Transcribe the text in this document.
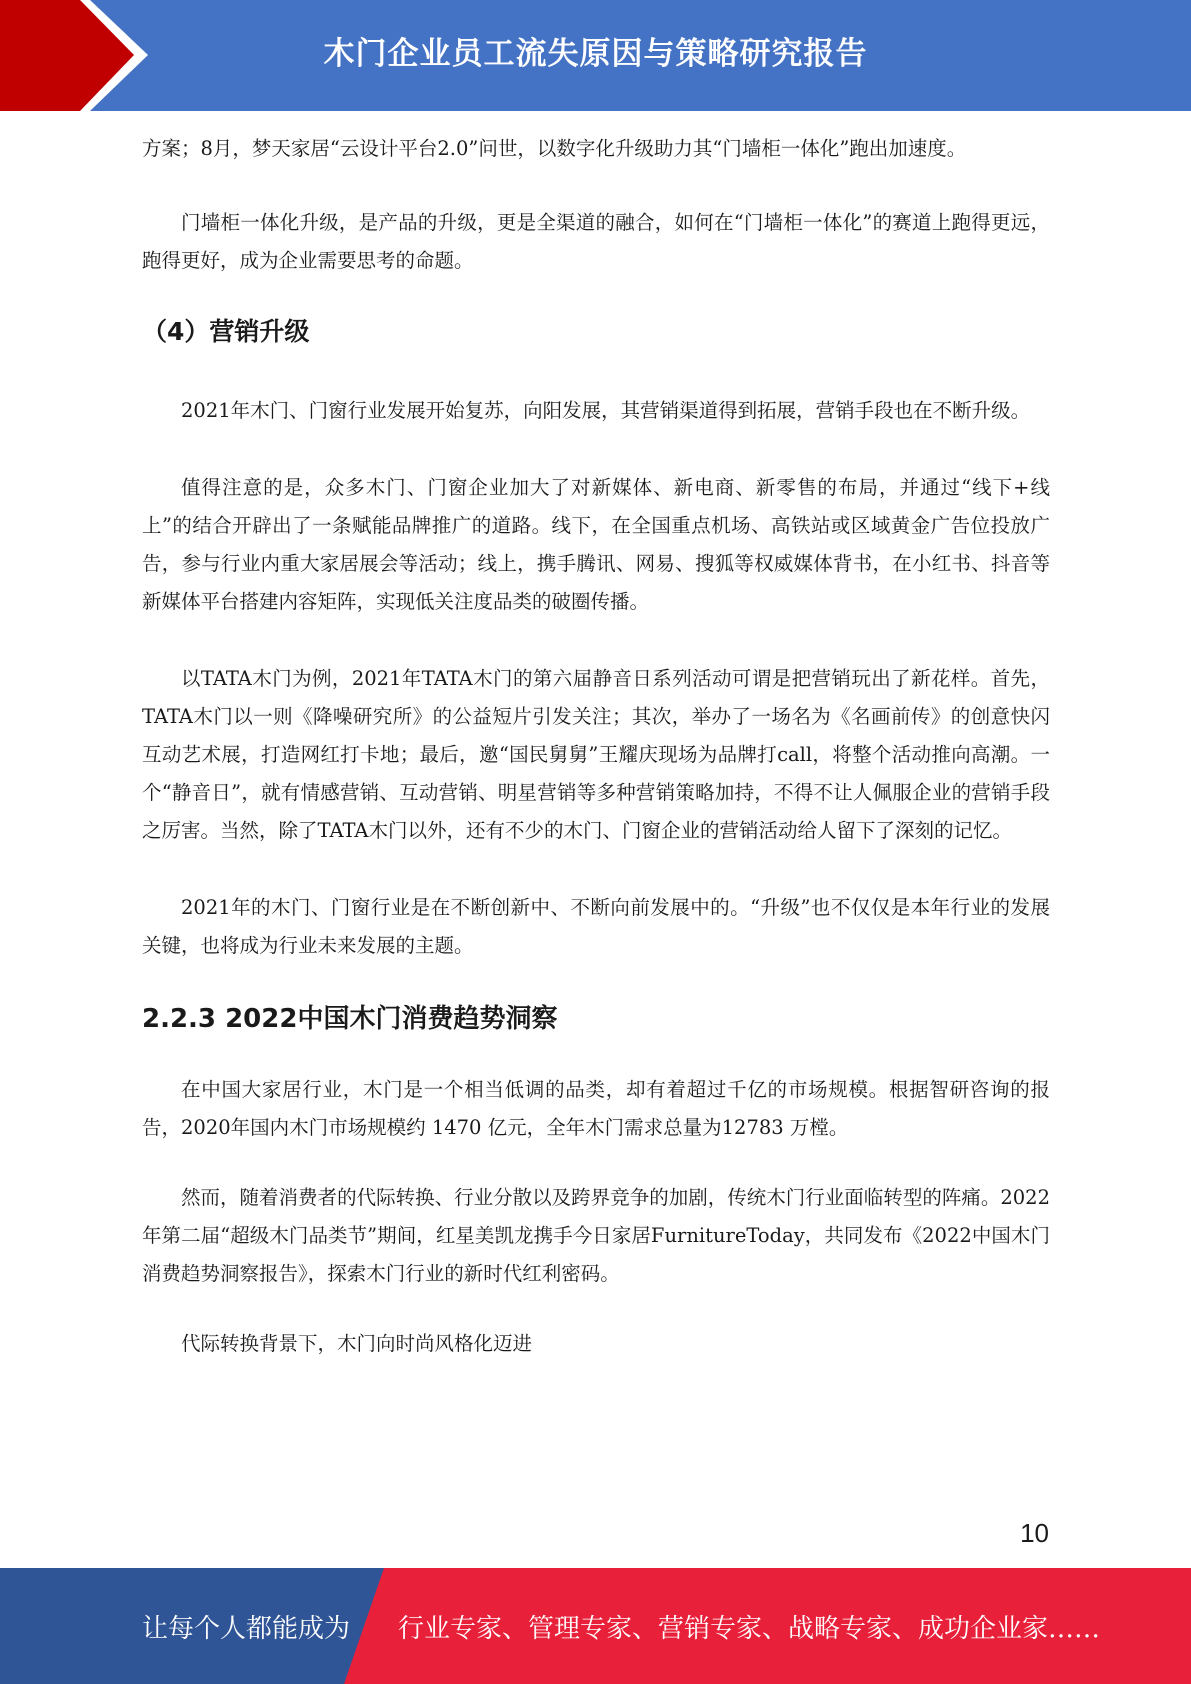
木门企业员工流失原因与策略研究报告

方案；8月，梦天家居“云设计平台2.0”问世，以数字化升级助力其“门墙柜一体化”跑出加速度。

门墙柜一体化升级，是产品的升级，更是全渠道的融合，如何在“门墙柜一体化”的赛道上跑得更远，跑得更好，成为企业需要思考的命题。

（4）营销升级

2021年木门、门窗行业发展开始复苏，向阳发展，其营销渠道得到拓展，营销手段也在不断升级。

值得注意的是，众多木门、门窗企业加大了对新媒体、新电商、新零售的布局，并通过“线下+线上”的结合开辟出了一条赋能品牌推广的道路。线下，在全国重点机场、高铁站或区域黄金广告位投放广告，参与行业内重大家居展会等活动；线上，携手腾讯、网易、搜狐等权威媒体背书，在小红书、抖音等新媒体平台搭建内容矩阵，实现低关注度品类的破圈传播。

以TATA木门为例，2021年TATA木门的第六届静音日系列活动可谓是把营销玩出了新花样。首先，TATA木门以一则《降噪研究所》的公益短片引发关注；其次，举办了一场名为《名画前传》的创意快闪互动艺术展，打造网红打卡地；最后，邀“国民舅舅”王耀庆现场为品牌打call，将整个活动推向高潮。一个“静音日”，就有情感营销、互动营销、明星营销等多种营销策略加持，不得不让人佩服企业的营销手段之厉害。当然，除了TATA木门以外，还有不少的木门、门窗企业的营销活动给人留下了深刻的记忆。

2021年的木门、门窗行业是在不断创新中、不断向前发展中的。“升级”也不仅仅是本年行业的发展关键，也将成为行业未来发展的主题。

2.2.3 2022中国木门消费趋势洞察

在中国大家居行业，木门是一个相当低调的品类，却有着超过千亿的市场规模。根据智研咨询的报告，2020年国内木门市场规模约 1470 亿元，全年木门需求总量为12783 万樘。

然而，随着消费者的代际转换、行业分散以及跨界竞争的加剧，传统木门行业面临转型的阵痛。2022年第二届“超级木门品类节”期间，红星美凯龙携手今日家居FurnitureToday，共同发布《2022中国木门消费趋势洞察报告》，探索木门行业的新时代红利密码。

代际转换背景下，木门向时尚风格化迈进

10
让每个人都能成为 行业专家、管理专家、营销专家、战略专家、成功企业家……
